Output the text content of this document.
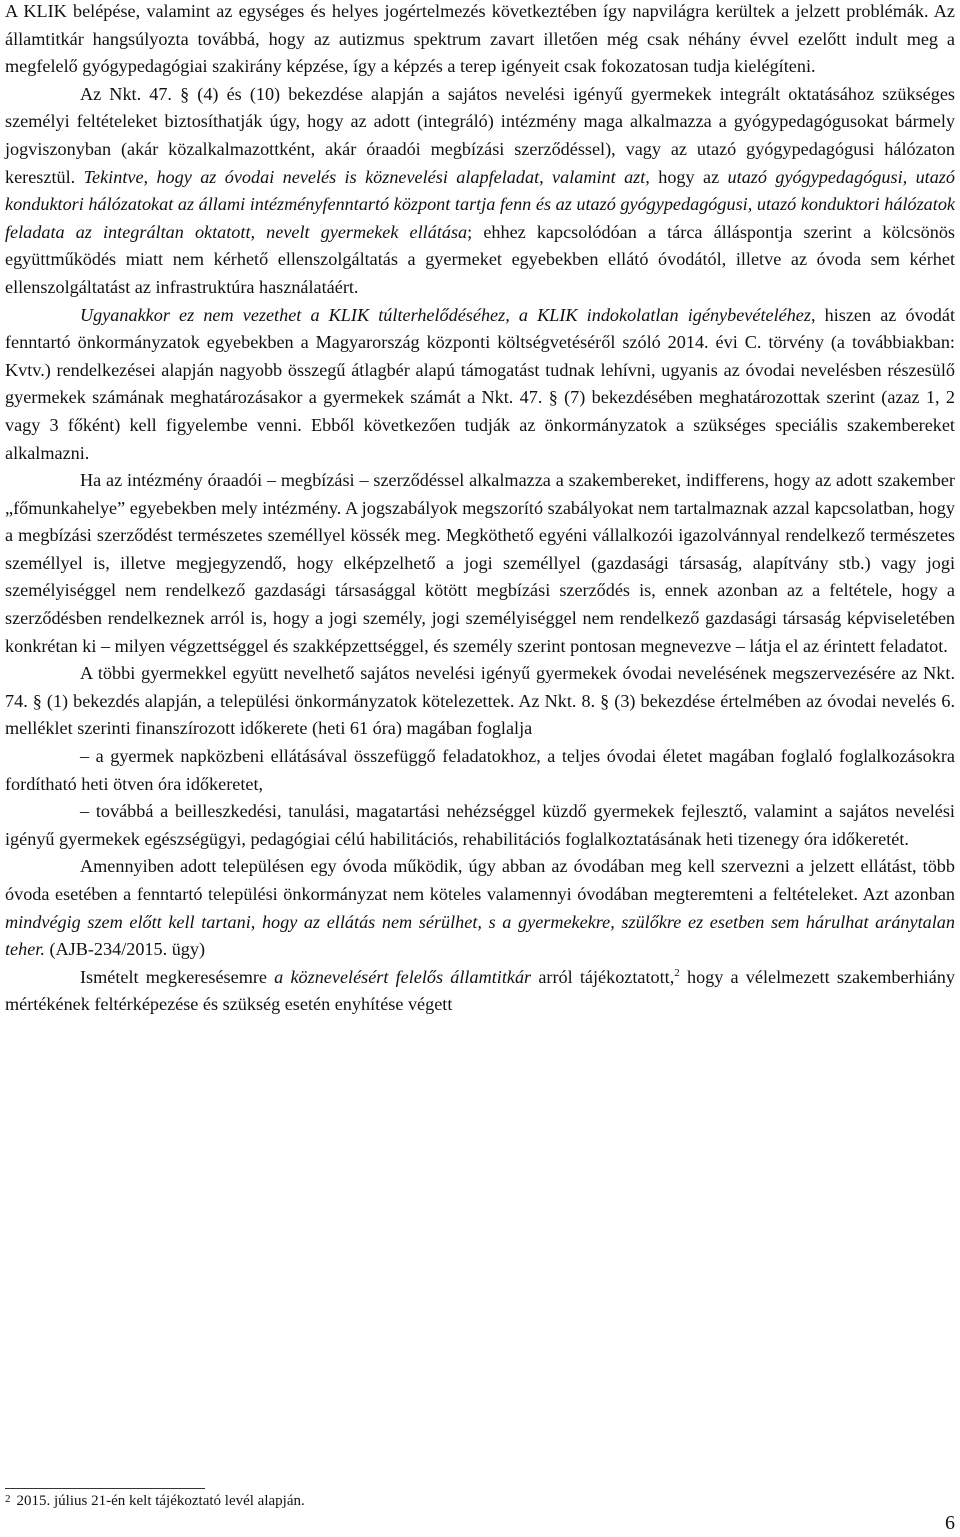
A KLIK belépése, valamint az egységes és helyes jogértelmezés következtében így napvilágra kerültek a jelzett problémák. Az államtitkár hangsúlyozta továbbá, hogy az autizmus spektrum zavart illetően még csak néhány évvel ezelőtt indult meg a megfelelő gyógypedagógiai szakirány képzése, így a képzés a terep igényeit csak fokozatosan tudja kielégíteni.

Az Nkt. 47. § (4) és (10) bekezdése alapján a sajátos nevelési igényű gyermekek integrált oktatásához szükséges személyi feltételeket biztosíthatják úgy, hogy az adott (integráló) intézmény maga alkalmazza a gyógypedagógusokat bármely jogviszonyban (akár közalkalmazottként, akár óraadói megbízási szerződéssel), vagy az utazó gyógypedagógusi hálózaton keresztül. Tekintve, hogy az óvodai nevelés is köznevelési alapfeladat, valamint azt, hogy az utazó gyógypedagógusi, utazó konduktori hálózatokat az állami intézményfenntartó központ tartja fenn és az utazó gyógypedagógusi, utazó konduktori hálózatok feladata az integráltan oktatott, nevelt gyermekek ellátása; ehhez kapcsolódóan a tárca álláspontja szerint a kölcsönös együttműködés miatt nem kérhető ellenszolgáltatás a gyermeket egyebekben ellátó óvodától, illetve az óvoda sem kérhet ellenszolgáltatást az infrastruktúra használatáért.

Ugyanakkor ez nem vezethet a KLIK túlterhelődéséhez, a KLIK indokolatlan igénybevételéhez, hiszen az óvodát fenntartó önkormányzatok egyebekben a Magyarország központi költségvetéséről szóló 2014. évi C. törvény (a továbbiakban: Kvtv.) rendelkezései alapján nagyobb összegű átlagbér alapú támogatást tudnak lehívni, ugyanis az óvodai nevelésben részesülő gyermekek számának meghatározásakor a gyermekek számát a Nkt. 47. § (7) bekezdésében meghatározottak szerint (azaz 1, 2 vagy 3 főként) kell figyelembe venni. Ebből következően tudják az önkormányzatok a szükséges speciális szakembereket alkalmazni.

Ha az intézmény óraadói – megbízási – szerződéssel alkalmazza a szakembereket, indifferens, hogy az adott szakember „főmunkahelye” egyebekben mely intézmény. A jogszabályok megszorító szabályokat nem tartalmaznak azzal kapcsolatban, hogy a megbízási szerződést természetes személlyel kössék meg. Megköthető egyéni vállalkozói igazolvánnyal rendelkező természetes személlyel is, illetve megjegyzendő, hogy elképzelhető a jogi személlyel (gazdasági társaság, alapítvány stb.) vagy jogi személyiséggel nem rendelkező gazdasági társasággal kötött megbízási szerződés is, ennek azonban az a feltétele, hogy a szerződésben rendelkeznek arról is, hogy a jogi személy, jogi személyiséggel nem rendelkező gazdasági társaság képviseletében konkrétan ki – milyen végzettséggel és szakképzettséggel, és személy szerint pontosan megnevezve – látja el az érintett feladatot.

A többi gyermekkel együtt nevelhető sajátos nevelési igényű gyermekek óvodai nevelésének megszervezésére az Nkt. 74. § (1) bekezdés alapján, a települési önkormányzatok kötelezettek. Az Nkt. 8. § (3) bekezdése értelmében az óvodai nevelés 6. melléklet szerinti finanszírozott időkerete (heti 61 óra) magában foglalja

– a gyermek napközbeni ellátásával összefüggő feladatokhoz, a teljes óvodai életet magában foglaló foglalkozásokra fordítható heti ötven óra időkeretet,

– továbbá a beilleszkedési, tanulási, magatartási nehézséggel küzdő gyermekek fejlesztő, valamint a sajátos nevelési igényű gyermekek egészségügyi, pedagógiai célú habilitációs, rehabilitációs foglalkoztatásának heti tizenegy óra időkeretét.

Amennyiben adott településen egy óvoda működik, úgy abban az óvodában meg kell szervezni a jelzett ellátást, több óvoda esetében a fenntartó települési önkormányzat nem köteles valamennyi óvodában megteremteni a feltételeket. Azt azonban mindvégig szem előtt kell tartani, hogy az ellátás nem sérülhet, s a gyermekekre, szülőkre ez esetben sem hárulhat aránytalan teher. (AJB-234/2015. ügy)

Ismételt megkeresésemre a köznevelésért felelős államtitkár arról tájékoztatott,$^2$ hogy a vélelmezett szakemberhiány mértékének feltérképezése és szükség esetén enyhítése végett

$^2$ 2015. július 21-én kelt tájékoztató levél alapján.

6
